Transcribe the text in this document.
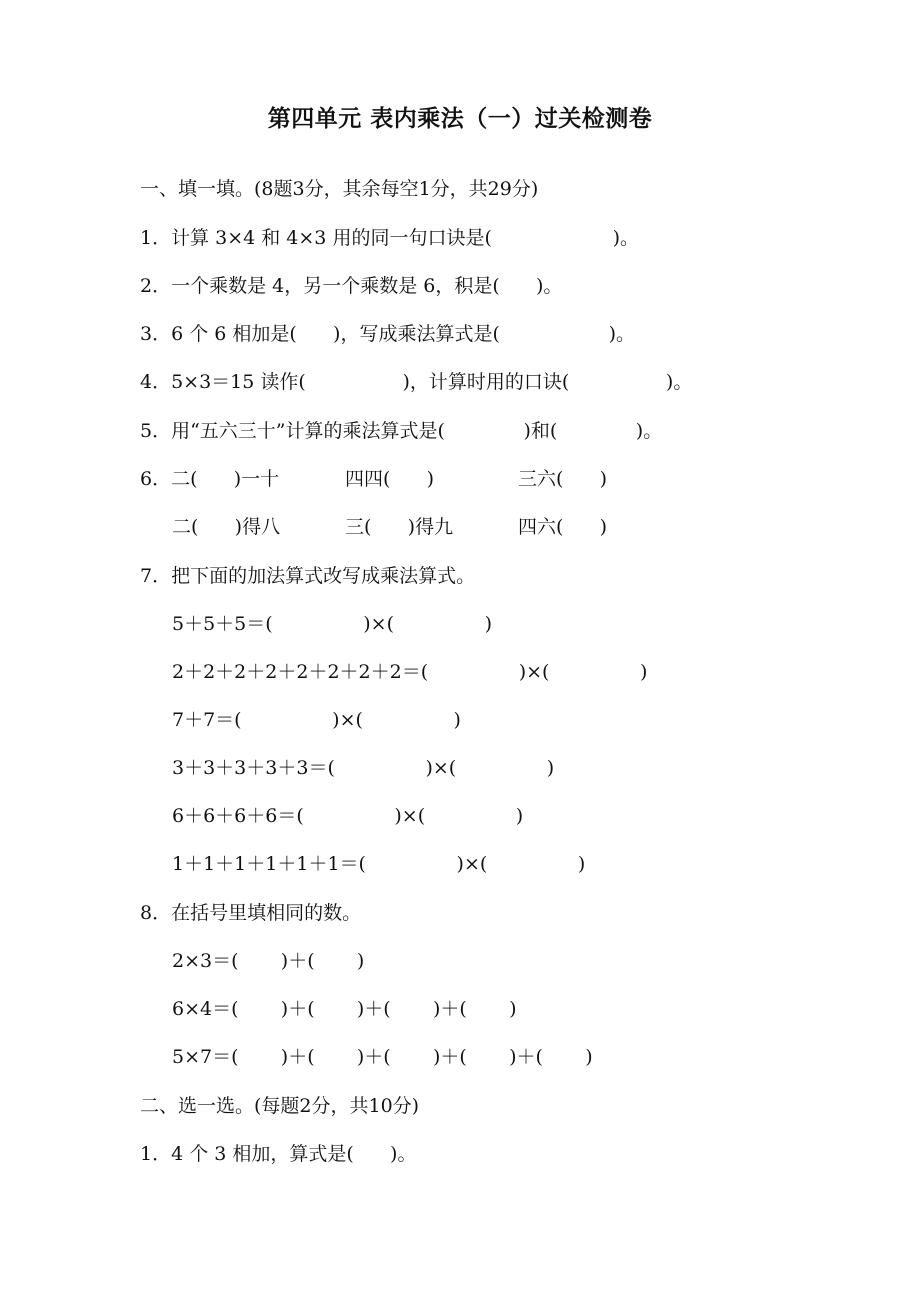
第四单元 表内乘法（一）过关检测卷
一、填一填。(8题3分，其余每空1分，共29分)
1．计算 3×4 和 4×3 用的同一句口诀是(                    )。
2．一个乘数是 4，另一个乘数是 6，积是(      )。
3．6 个 6 相加是(      )，写成乘法算式是(                  )。
4．5×3＝15 读作(                )，计算时用的口诀(                )。
5．用“五六三十”计算的乘法算式是(             )和(             )。
6．二(      )一十	四四(      )	三六(      )
二(      )得八	三(      )得九	四六(      )
7．把下面的加法算式改写成乘法算式。
5＋5＋5＝(               )×(               )
2＋2＋2＋2＋2＋2＋2＋2＝(               )×(               )
7＋7＝(               )×(               )
3＋3＋3＋3＋3＝(               )×(               )
6＋6＋6＋6＝(               )×(               )
1＋1＋1＋1＋1＋1＝(               )×(               )
8．在括号里填相同的数。
2×3＝(       )＋(       )
6×4＝(       )＋(       )＋(       )＋(       )
5×7＝(       )＋(       )＋(       )＋(       )＋(       )
二、选一选。(每题2分，共10分)
1．4 个 3 相加，算式是(      )。
